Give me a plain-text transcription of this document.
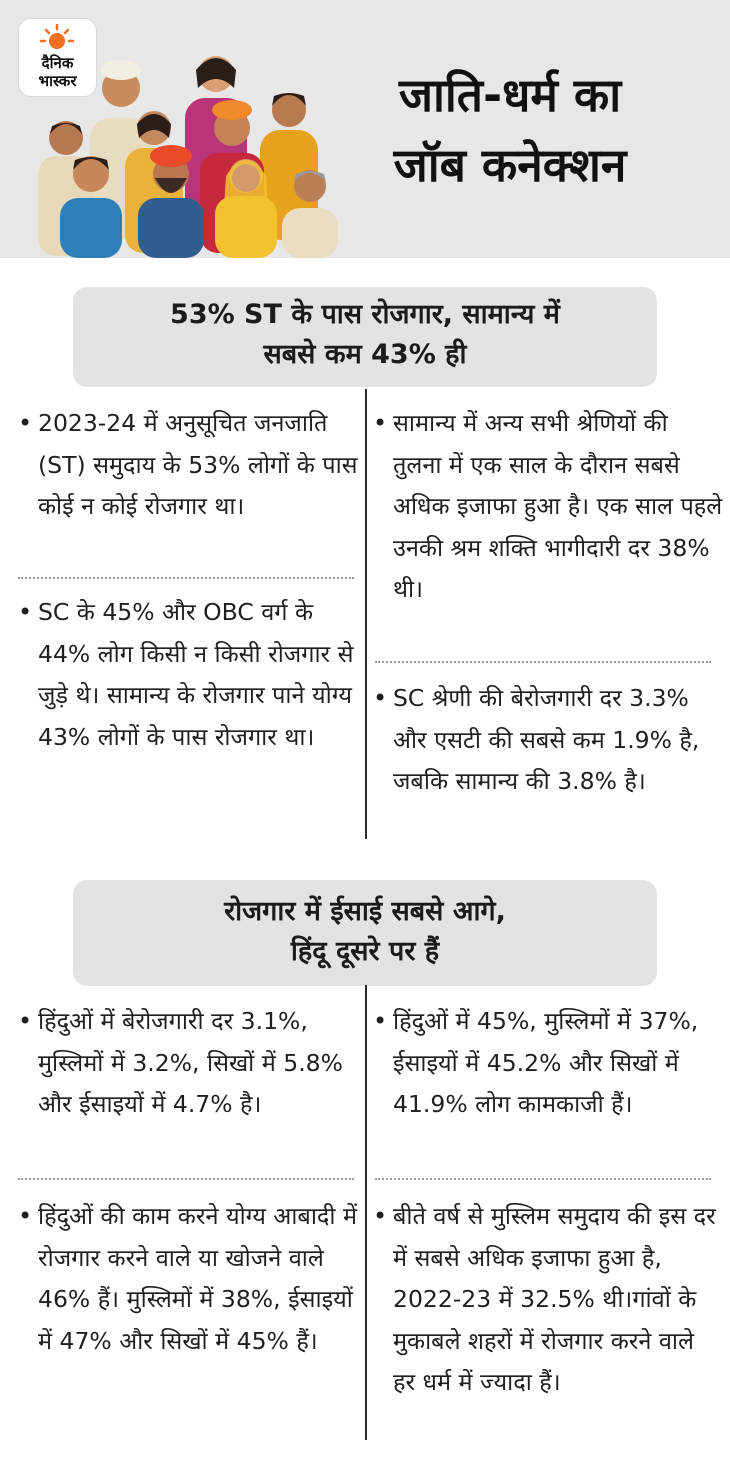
दैनिक
भास्कर	जाति-धर्म का
जॉब कनेक्शन
53% ST के पास रोजगार, सामान्य में
सबसे कम 43% ही
• 2023-24 में अनुसूचित जनजाति (ST) समुदाय के 53% लोगों के पास कोई न कोई रोजगार था।
• SC के 45% और OBC वर्ग के 44% लोग किसी न किसी रोजगार से जुड़े थे। सामान्य के रोजगार पाने योग्य 43% लोगों के पास रोजगार था।
• सामान्य में अन्य सभी श्रेणियों की तुलना में एक साल के दौरान सबसे अधिक इजाफा हुआ है। एक साल पहले उनकी श्रम शक्ति भागीदारी दर 38% थी।
• SC श्रेणी की बेरोजगारी दर 3.3% और एसटी की सबसे कम 1.9% है, जबकि सामान्य की 3.8% है।
रोजगार में ईसाई सबसे आगे,
हिंदू दूसरे पर हैं
• हिंदुओं में बेरोजगारी दर 3.1%, मुस्लिमों में 3.2%, सिखों में 5.8% और ईसाइयों में 4.7% है।
• हिंदुओं की काम करने योग्य आबादी में रोजगार करने वाले या खोजने वाले 46% हैं। मुस्लिमों में 38%, ईसाइयों में 47% और सिखों में 45% हैं।
• हिंदुओं में 45%, मुस्लिमों में 37%, ईसाइयों में 45.2% और सिखों में 41.9% लोग कामकाजी हैं।
• बीते वर्ष से मुस्लिम समुदाय की इस दर में सबसे अधिक इजाफा हुआ है, 2022-23 में 32.5% थी।गांवों के मुकाबले शहरों में रोजगार करने वाले हर धर्म में ज्यादा हैं।
